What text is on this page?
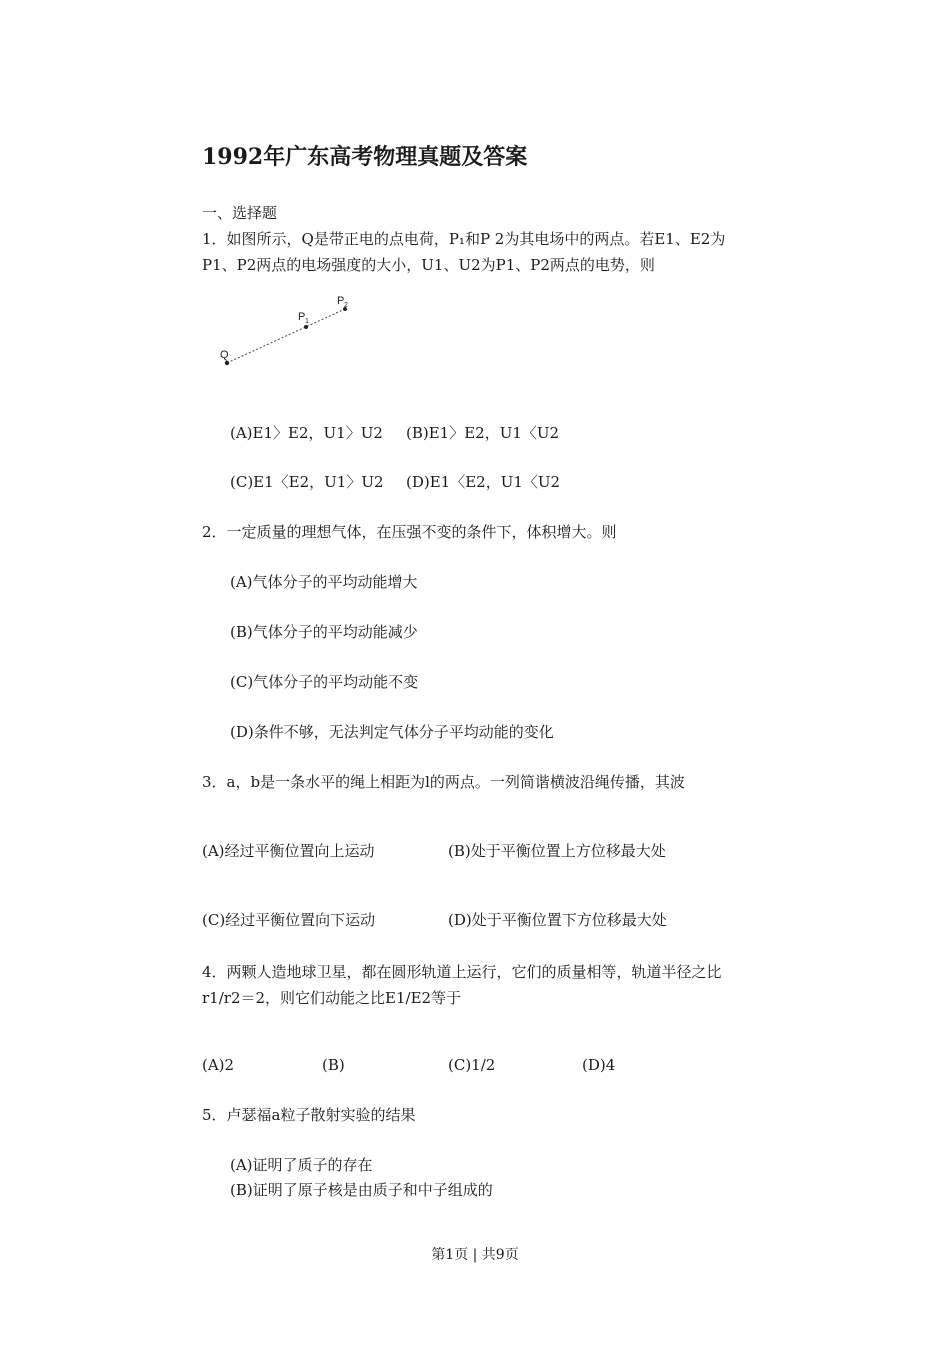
1992年广东高考物理真题及答案
一、选择题
1．如图所示，Q是带正电的点电荷，P₁和P 2为其电场中的两点。若E1、E2为
P1、P2两点的电场强度的大小，U1、U2为P1、P2两点的电势，则
Q
P 1
P 2
(A)E1〉E2，U1〉U2 (B)E1〉E2，U1〈U2
(C)E1〈E2，U1〉U2 (D)E1〈E2，U1〈U2
2．一定质量的理想气体，在压强不变的条件下，体积增大。则
(A)气体分子的平均动能增大
(B)气体分子的平均动能减少
(C)气体分子的平均动能不变
(D)条件不够，无法判定气体分子平均动能的变化
3．a，b是一条水平的绳上相距为l的两点。一列简谐横波沿绳传播，其波
(A)经过平衡位置向上运动	(B)处于平衡位置上方位移最大处
(C)经过平衡位置向下运动	(D)处于平衡位置下方位移最大处
4．两颗人造地球卫星，都在圆形轨道上运行，它们的质量相等，轨道半径之比
r1/r2＝2，则它们动能之比E1/E2等于
(A)2	(B)	(C)1/2	(D)4
5．卢瑟福a粒子散射实验的结果
(A)证明了质子的存在
(B)证明了原子核是由质子和中子组成的
第1页 | 共9页
